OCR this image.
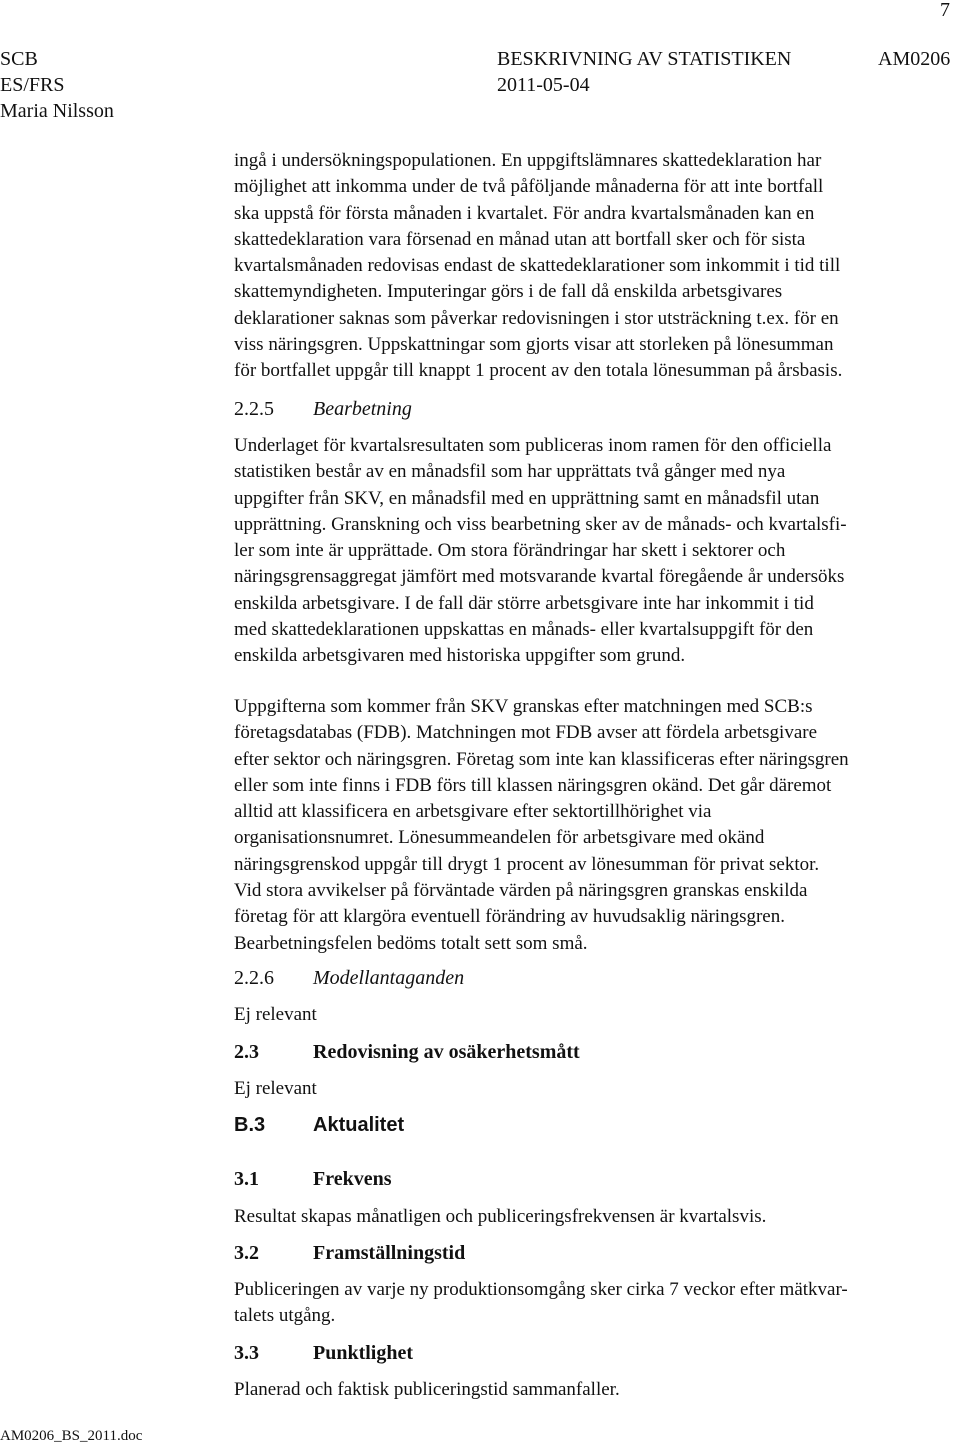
7
SCB	BESKRIVNING AV STATISTIKEN	AM0206
ES/FRS	2011-05-04
Maria Nilsson
ingå i undersökningspopulationen. En uppgiftslämnares skattedeklaration har
möjlighet att inkomma under de två påföljande månaderna för att inte bortfall
ska uppstå för första månaden i kvartalet. För andra kvartalsmånaden kan en
skattedeklaration vara försenad en månad utan att bortfall sker och för sista
kvartalsmånaden redovisas endast de skattedeklarationer som inkommit i tid till
skattemyndigheten. Imputeringar görs i de fall då enskilda arbetsgivares
deklarationer saknas som påverkar redovisningen i stor utsträckning t.ex. för en
viss näringsgren. Uppskattningar som gjorts visar att storleken på lönesumman
för bortfallet uppgår till knappt 1 procent av den totala lönesumman på årsbasis.
2.2.5 Bearbetning
Underlaget för kvartalsresultaten som publiceras inom ramen för den officiella
statistiken består av en månadsfil som har upprättats två gånger med nya
uppgifter från SKV, en månadsfil med en upprättning samt en månadsfil utan
upprättning. Granskning och viss bearbetning sker av de månads- och kvartalsfi-
ler som inte är upprättade. Om stora förändringar har skett i sektorer och
näringsgrensaggregat jämfört med motsvarande kvartal föregående år undersöks
enskilda arbetsgivare. I de fall där större arbetsgivare inte har inkommit i tid
med skattedeklarationen uppskattas en månads- eller kvartalsuppgift för den
enskilda arbetsgivaren med historiska uppgifter som grund.
Uppgifterna som kommer från SKV granskas efter matchningen med SCB:s
företagsdatabas (FDB). Matchningen mot FDB avser att fördela arbetsgivare
efter sektor och näringsgren. Företag som inte kan klassificeras efter näringsgren
eller som inte finns i FDB förs till klassen näringsgren okänd. Det går däremot
alltid att klassificera en arbetsgivare efter sektortillhörighet via
organisationsnumret. Lönesummeandelen för arbetsgivare med okänd
näringsgrenskod uppgår till drygt 1 procent av lönesumman för privat sektor.
Vid stora avvikelser på förväntade värden på näringsgren granskas enskilda
företag för att klargöra eventuell förändring av huvudsaklig näringsgren.
Bearbetningsfelen bedöms totalt sett som små.
2.2.6 Modellantaganden
Ej relevant
2.3	Redovisning av osäkerhetsmått
Ej relevant
B.3 Aktualitet
3.1	Frekvens
Resultat skapas månatligen och publiceringsfrekvensen är kvartalsvis.
3.2	Framställningstid
Publiceringen av varje ny produktionsomgång sker cirka 7 veckor efter mätkvar-
talets utgång.
3.3	Punktlighet
Planerad och faktisk publiceringstid sammanfaller.
AM0206_BS_2011.doc
